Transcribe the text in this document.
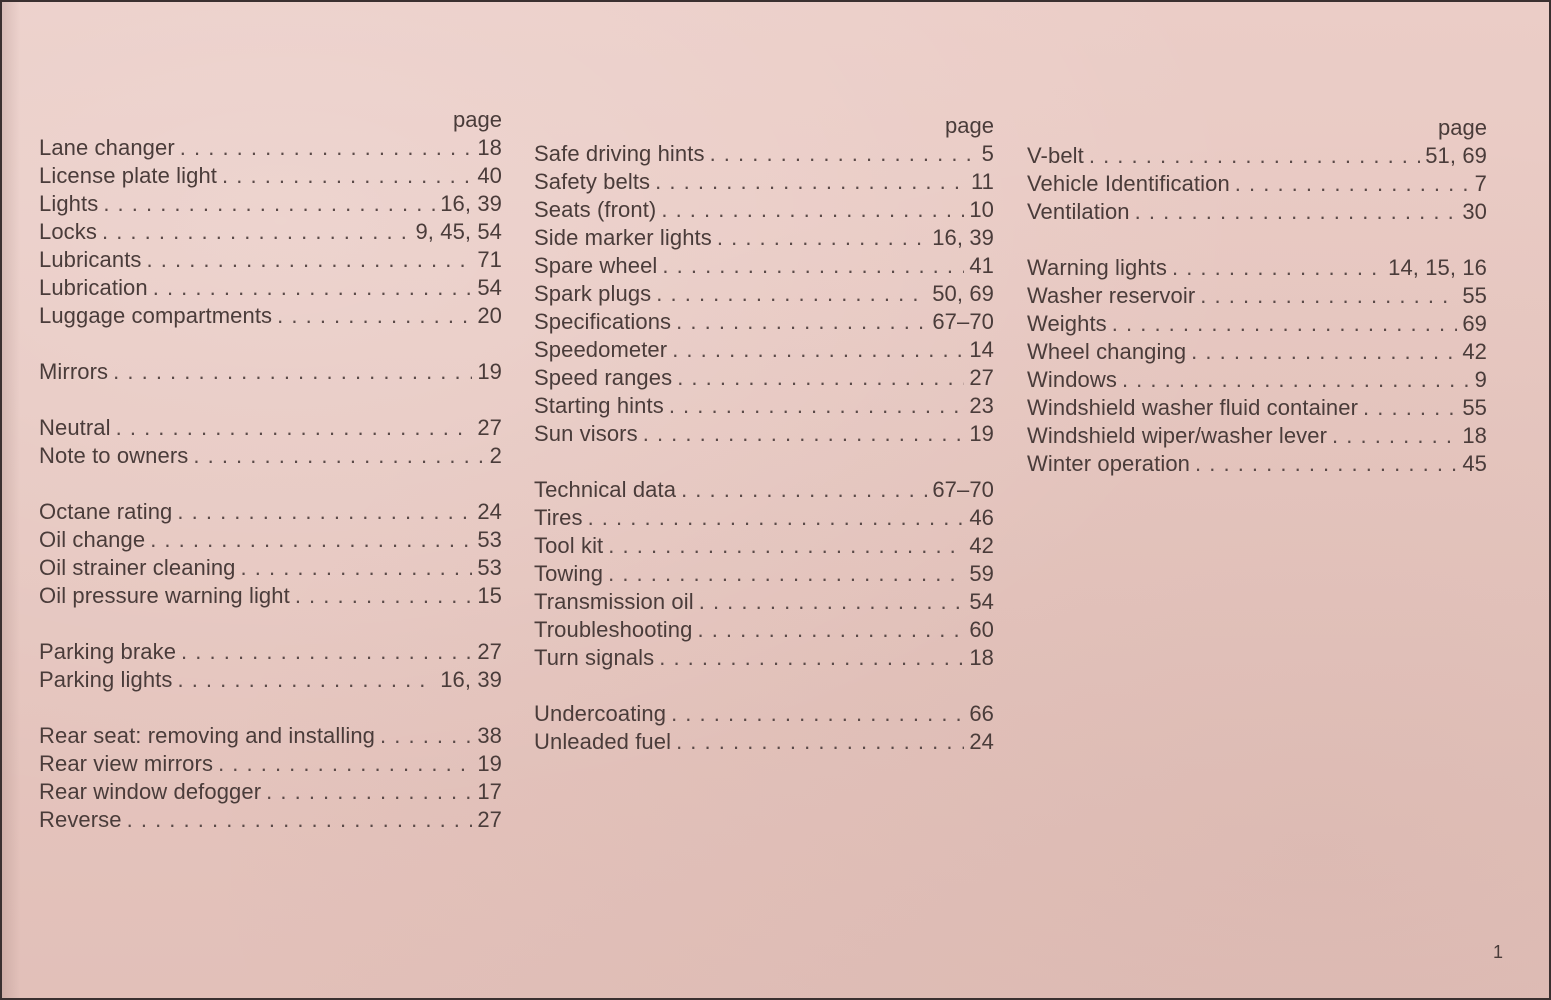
page
Lane changer . . .	18
License plate light . . .	40
Lights . . .	16, 39
Locks . . .	9, 45, 54
Lubricants . . .	71
Lubrication . . .	54
Luggage compartments . . .	20
Mirrors . . .	19
Neutral . . .	27
Note to owners . . .	2
Octane rating . . .	24
Oil change . . .	53
Oil strainer cleaning . . .	53
Oil pressure warning light . . .	15
Parking brake . . .	27
Parking lights . . .	16, 39
Rear seat: removing and installing . . .	38
Rear view mirrors . . .	19
Rear window defogger . . .	17
Reverse . . .	27
page
Safe driving hints . . .	5
Safety belts . . .	11
Seats (front) . . .	10
Side marker lights . . .	16, 39
Spare wheel . . .	41
Spark plugs . . .	50, 69
Specifications . . .	67–70
Speedometer . . .	14
Speed ranges . . .	27
Starting hints . . .	23
Sun visors . . .	19
Technical data . . .	67–70
Tires . . .	46
Tool kit . . .	42
Towing . . .	59
Transmission oil . . .	54
Troubleshooting . . .	60
Turn signals . . .	18
Undercoating . . .	66
Unleaded fuel . . .	24
page
V-belt . . .	51, 69
Vehicle Identification . . .	7
Ventilation . . .	30
Warning lights . . .	14, 15, 16
Washer reservoir . . .	55
Weights . . .	69
Wheel changing . . .	42
Windows . . .	9
Windshield washer fluid container . . .	55
Windshield wiper/washer lever . . .	18
Winter operation . . .	45
1
